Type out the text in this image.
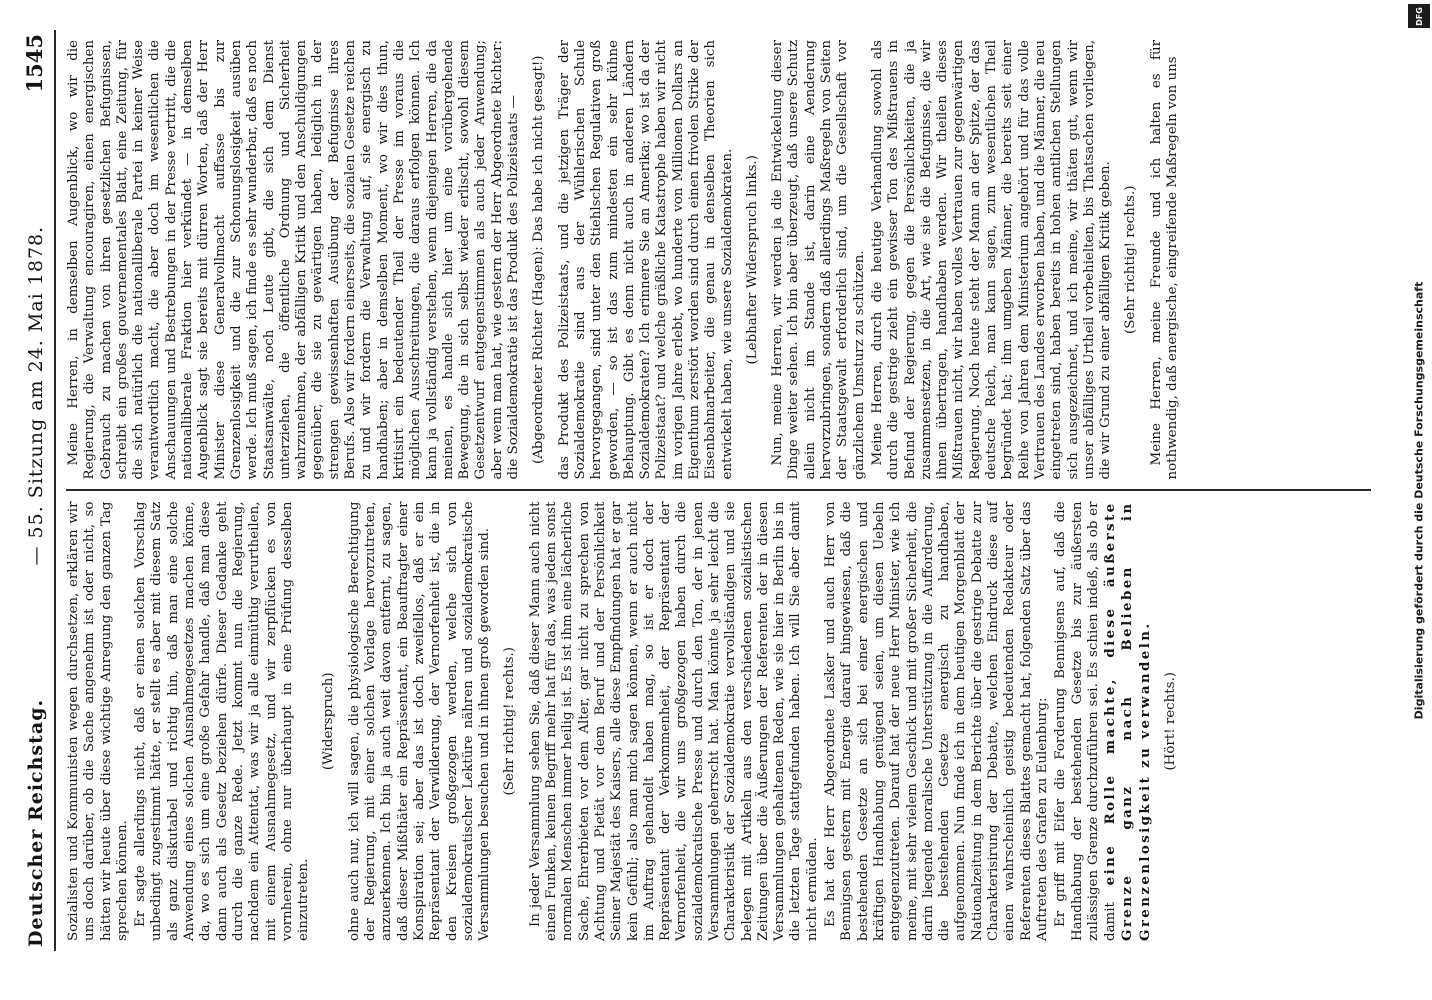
Deutscher Reichstag.
— 55. Sitzung am 24. Mai 1878.
1545

Sozialisten und Kommunisten wegen durchsetzen, erklären wir uns doch darüber, ob die Sache angenehm ist oder nicht, so hätten wir heute über diese wichtige Anregung den ganzen Tag sprechen können. Er sagte allerdings nicht, daß er einen solchen Vorschlag unbedingt zugestimmt hätte, er stellt es aber mit diesem Satz als ganz diskutabel und richtig hin, daß man eine solche Anwendung eines solchen Ausnahmegesetzes machen könne, da, wo es sich um eine große Gefahr handle, daß man diese dann auch als Gesetz beziehen dürfe. Dieser Gedanke geht durch die ganze Rede. Jetzt kommt nun die Regierung, nachdem ein Attentat, was wir ja alle einmüthig verurtheilen, mit einem Ausnahmegesetz, und wir zerpflücken es von vornherein, ohne nur überhaupt in eine Prüfung desselben einzutreten.

(Widerspruch) ohne auch nur, ich will sagen, die physiologische Berechtigung der Regierung, mit einer solchen Vorlage hervorzutreten, anzuerkennen. Ich bin ja auch weit davon entfernt, zu sagen, daß dieser Mißthäter ein Repräsentant, ein Beauftragter einer Konspiration sei; aber das ist doch zweifellos, daß er ein Repräsentant der Verwilderung, der Vernorfenheit ist, die in den Kreisen großgezogen werden, welche sich von sozialdemokratischer Lektüre nähren und sozialdemokratische Versammlungen besuchen und in ihnen groß geworden sind. (Sehr richtig! rechts.) In jeder Versammlung sehen Sie, daß dieser Mann auch nicht einen Funken, keinen Begriff mehr hat für das, was jedem sonst normalen Menschen immer heilig ist. Es ist ihm eine lächerliche Sache, Ehrerbieten vor dem Alter, gar nicht zu sprechen von Achtung und Pietät vor dem Beruf und der Persönlichkeit Seiner Majestät des Kaisers, alle diese Empfindungen hat er gar kein Gefühl; also man mich sagen können, wenn er auch nicht im Auftrag gehandelt haben mag, so ist er doch der Repräsentant der Verkommenheit, der Repräsentant der Vernorfenheit, die wir uns großgezogen haben durch die sozialdemokratische Presse und durch den Ton, der in jenen Versammlungen geherrscht hat. Man könnte ja sehr leicht die Charakteristik der Sozialdemokratie vervollständigen und sie belegen mit Artikeln aus den verschiedenen sozialistischen Zeitungen über die Äußerungen der Referenten der in diesen Versammlungen gehaltenen Reden, wie sie hier in Berlin bis in die letzten Tage stattgefunden haben. Ich will Sie aber damit nicht ermüden. Es hat der Herr Abgeordnete Lasker und auch Herr von Bennigsen gestern mit Energie darauf hingewiesen, daß die bestehenden Gesetze an sich bei einer energischen und kräftigen Handhabung genügend seien, um diesen Uebeln entgegenzutreten. Darauf hat der neue Herr Minister, wie ich meine, mit sehr vielem Geschick und mit großer Sicherheit, die darin liegende moralische Unterstützung in die Aufforderung, die bestehenden Gesetze energisch zu handhaben, aufgenommen. Nun finde ich in dem heutigen Morgenblatt der Nationalzeitung in dem Berichte über die gestrige Debatte zur Charakterisirung der Debatte, welchen Eindruck diese auf einen wahrscheinlich geistig bedeutenden Redakteur oder Referenten dieses Blattes gemacht hat, folgenden Satz über das Auftreten des Grafen zu Eulenburg: Er griff mit Eifer die Forderung Bennigsens auf, daß die Handhabung der bestehenden Gesetze bis zur äußersten zulässigen Grenze durchzuführen sei. Es schien indeß, als ob er damit eine Rolle machte, diese äußerste Grenze ganz nach Belieben in Grenzenlosigkeit zu verwandeln. (Hört! rechts.)

Meine Herren, in demselben Augenblick, wo wir die Regierung, die Verwaltung encouragiren, einen energischen Gebrauch zu machen von ihren gesetzlichen Befugnissen, schreibt ein großes gouvernementales Blatt, eine Zeitung, für die sich natürlich die nationalliberale Partei in keiner Weise verantwortlich macht, die aber doch im wesentlichen die Anschauungen und Bestrebungen in der Presse vertritt, die die nationalliberale Fraktion hier verkündet — in demselben Augenblick sagt sie bereits mit dürren Worten, daß der Herr Minister diese Generalvollmacht auffasse bis zur Grenzenlosigkeit und die zur Schonungslosigkeit ausüben werde. Ich muß sagen, ich finde es sehr wunderbar, daß es noch Staatsanwälte, noch Leute gibt, die sich dem Dienst unterziehen, die öffentliche Ordnung und Sicherheit wahrzunehmen, der abfälligen Kritik und den Anschuldigungen gegenüber, die sie zu gewärtigen haben, lediglich in der strengen gewissenhaften Ausübung der Befugnisse ihres Berufs. Also wir fordern einerseits, die sozialen Gesetze reichen zu und wir fordern die Verwaltung auf, sie energisch zu handhaben; aber in demselben Moment, wo wir dies thun, kritisirt ein bedeutender Theil der Presse im voraus die möglichen Ausschreitungen, die daraus erfolgen können. Ich kann ja vollständig verstehen, wenn diejenigen Herren, die da meinen, es handle sich hier um eine vorübergehende Bewegung, die in sich selbst wieder erlischt, sowohl diesem Gesetzentwurf entgegenstimmen als auch jeder Anwendung; aber wenn man hat, wie gestern der Herr Abgeordnete Richter: die Sozialdemokratie ist das Produkt des Polizeistaats — (Abgeordneter Richter (Hagen): Das habe ich nicht gesagt!) das Produkt des Polizeistaats, und die jetzigen Träger der Sozialdemokratie sind aus der Wühlerischen Schule hervorgegangen, sind unter den Stiehlschen Regulativen groß geworden, — so ist das zum mindesten ein sehr kühne Behauptung. Gibt es denn nicht auch in anderen Ländern Sozialdemokraten? Ich erinnere Sie an Amerika; wo ist da der Polizeistaat? und welche gräßliche Katastrophe haben wir nicht im vorigen Jahre erlebt, wo hunderte von Millionen Dollars an Eigenthum zerstört worden sind durch einen frivolen Strike der Eisenbahnarbeiter, die genau in denselben Theorien sich entwickelt haben, wie unsere Sozialdemokraten. (Lebhafter Widerspruch links.) Nun, meine Herren, wir werden ja die Entwickelung dieser Dinge weiter sehen. Ich bin aber überzeugt, daß unsere Schutz allein nicht im Stande ist, darin eine Aenderung hervorzubringen, sondern daß allerdings Maßregeln von Seiten der Staatsgewalt erforderlich sind, um die Gesellschaft vor gänzlichem Umsturz zu schützen. Meine Herren, durch die heutige Verhandlung sowohl als durch die gestrige zieht ein gewisser Ton des Mißtrauens in Befund der Regierung, gegen die Persönlichkeiten, die ja zusammensetzen, in die Art, wie sie die Befugnisse, die wir ihnen übertragen, handhaben werden. Wir theilen dieses Mißtrauen nicht, wir haben volles Vertrauen zur gegenwärtigen Regierung. Noch heute steht der Mann an der Spitze, der das deutsche Reich, man kann sagen, zum wesentlichen Theil begründet hat; ihm umgeben Männer, die bereits seit einer Reihe von Jahren dem Ministerium angehört und für das volle Vertrauen des Landes erworben haben, und die Männer, die neu eingetreten sind, haben bereits in hohen amtlichen Stellungen sich ausgezeichnet, und ich meine, wir thäten gut, wenn wir unser abfälliges Urtheil vorbehielten, bis Thatsachen vorliegen, die wir Grund zu einer abfälligen Kritik geben. (Sehr richtig! rechts.) Meine Herren, meine Freunde und ich halten es für nothwendig, daß energische, eingreifende Maßregeln von uns

DFG
Digitalisierung gefördert durch die Deutsche Forschungsgemeinschaft
